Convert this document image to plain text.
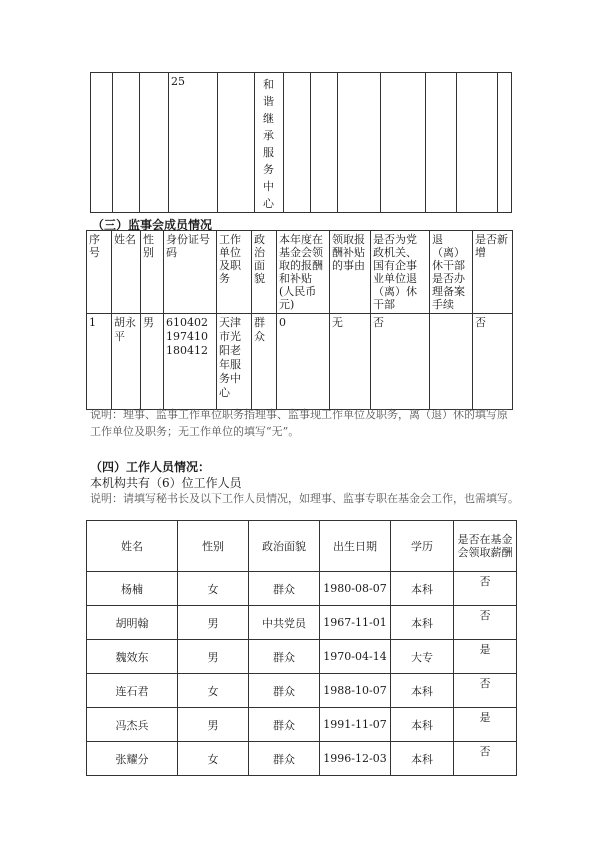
25		和谐继承服务中心

（三）监事会成员情况
序号	姓名	性别	身份证号码	工作单位及职务	政治面貌	本年度在基金会领取的报酬和补贴(人民币元)	领取报酬补贴的事由	是否为党政机关、国有企事业单位退（离）休干部	退（离）休干部是否办理备案手续	是否新增

1	胡永平	男	610402197410180412	天津市光阳老年服务中心	群众	0	无	否		否
说明：理事、监事工作单位职务指理事、监事现工作单位及职务，离（退）休的填写原工作单位及职务；无工作单位的填写“无”。
（四）工作人员情况：
本机构共有（6）位工作人员
说明：请填写秘书长及以下工作人员情况，如理事、监事专职在基金会工作，也需填写。
姓名	性别	政治面貌	出生日期	学历	是否在基金会领取薪酬
杨楠	女	群众	1980-08-07	本科	否
胡明翰	男	中共党员	1967-11-01	本科	否
魏效东	男	群众	1970-04-14	大专	是
连石君	女	群众	1988-10-07	本科	否
冯杰兵	男	群众	1991-11-07	本科	是
张耀分	女	群众	1996-12-03	本科	否
